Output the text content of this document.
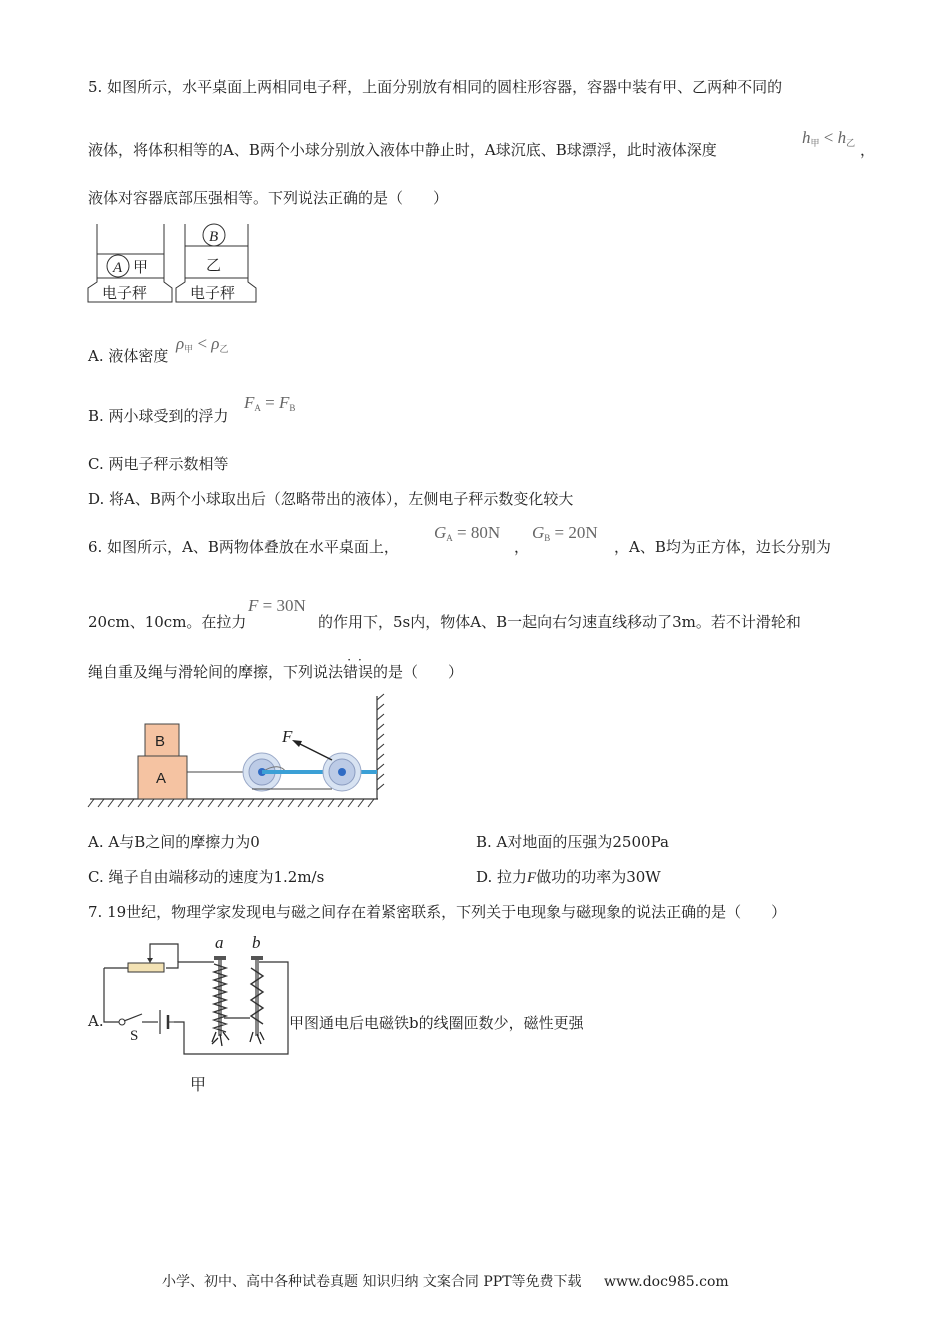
5. 如图所示，水平桌面上两相同电子秤，上面分别放有相同的圆柱形容器，容器中装有甲、乙两种不同的
液体，将体积相等的A、B两个小球分别放入液体中静止时，A球沉底、B球漂浮，此时液体深度
$h_甲 < h_乙$ ，
液体对容器底部压强相等。下列说法正确的是（　　）
A 甲
电子秤
B
乙
电子秤
A. 液体密度
$\rho_甲 < \rho_乙$
B. 两小球受到的浮力
$F_A = F_B$
C. 两电子秤示数相等
D. 将A、B两个小球取出后（忽略带出的液体），左侧电子秤示数变化较大
6. 如图所示，A、B两物体叠放在水平桌面上，
$G_A = 80N$
，
$G_B = 20N$
，A、B均为正方体，边长分别为
20cm、10cm。在拉力
F = 30N
的作用下，5s内，物体A、B一起向右匀速直线移动了3m。若不计滑轮和
绳自重及绳与滑轮间的摩擦，下列说法
··
错误的是（　　）
A
B	F
A. A与B之间的摩擦力为0	B. A对地面的压强为2500Pa
C. 绳子自由端移动的速度为1.2m/s	D. 拉力F做功的功率为30W
7. 19世纪，物理学家发现电与磁之间存在着紧密联系，下列关于电现象与磁现象的说法正确的是（　　）
A.
a b
S
甲
甲图通电后电磁铁b的线圈匝数少，磁性更强
小学、初中、高中各种试卷真题 知识归纳 文案合同 PPT等免费下载 www.doc985.com
